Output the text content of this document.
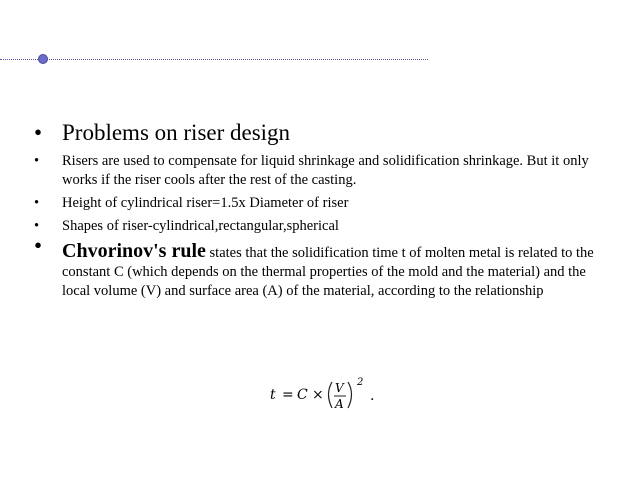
• Problems on riser design
• Risers are used to compensate for liquid shrinkage and solidification shrinkage. But it only works if the riser cools after the rest of the casting.
• Height of cylindrical riser=1.5x Diameter of riser
• Shapes of riser-cylindrical,rectangular,spherical
• Chvorinov's rule states that the solidification time t of molten metal is related to the constant C (which depends on the thermal properties of the mold and the material) and the local volume (V) and surface area (A) of the material, according to the relationship
t = C × V
A
2
.
